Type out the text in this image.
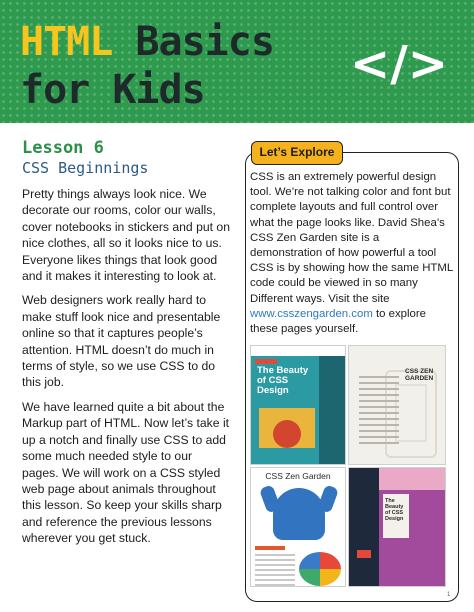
HTML Basics
for Kids	</>
Lesson 6
CSS Beginnings

Pretty things always look nice. We decorate our rooms, color our walls, cover notebooks in stickers and put on nice clothes, all so it looks nice to us. Everyone likes things that look good and it makes it interesting to look at.

Web designers work really hard to make stuff look nice and presentable online so that it captures people’s attention. HTML doesn’t do much in terms of style, so we use CSS to do this job.

We have learned quite a bit about the Markup part of HTML. Now let’s take it up a notch and finally use CSS to add some much needed style to our pages. We will work on a CSS styled web page about animals throughout this lesson. So keep your skills sharp and reference the previous lessons wherever you get stuck.

Let’s Explore
CSS is an extremely powerful design tool. We’re not talking color and font but complete layouts and full control over what the page looks like. David Shea’s CSS Zen Garden site is a demonstration of how powerful a tool CSS is by showing how the same HTML code could be viewed in so many Different ways. Visit the site www.csszengarden.com to explore these pages yourself.
The Beauty of CSS Design
CSS ZEN GARDEN
CSS Zen Garden
The Beauty of CSS Design
1
